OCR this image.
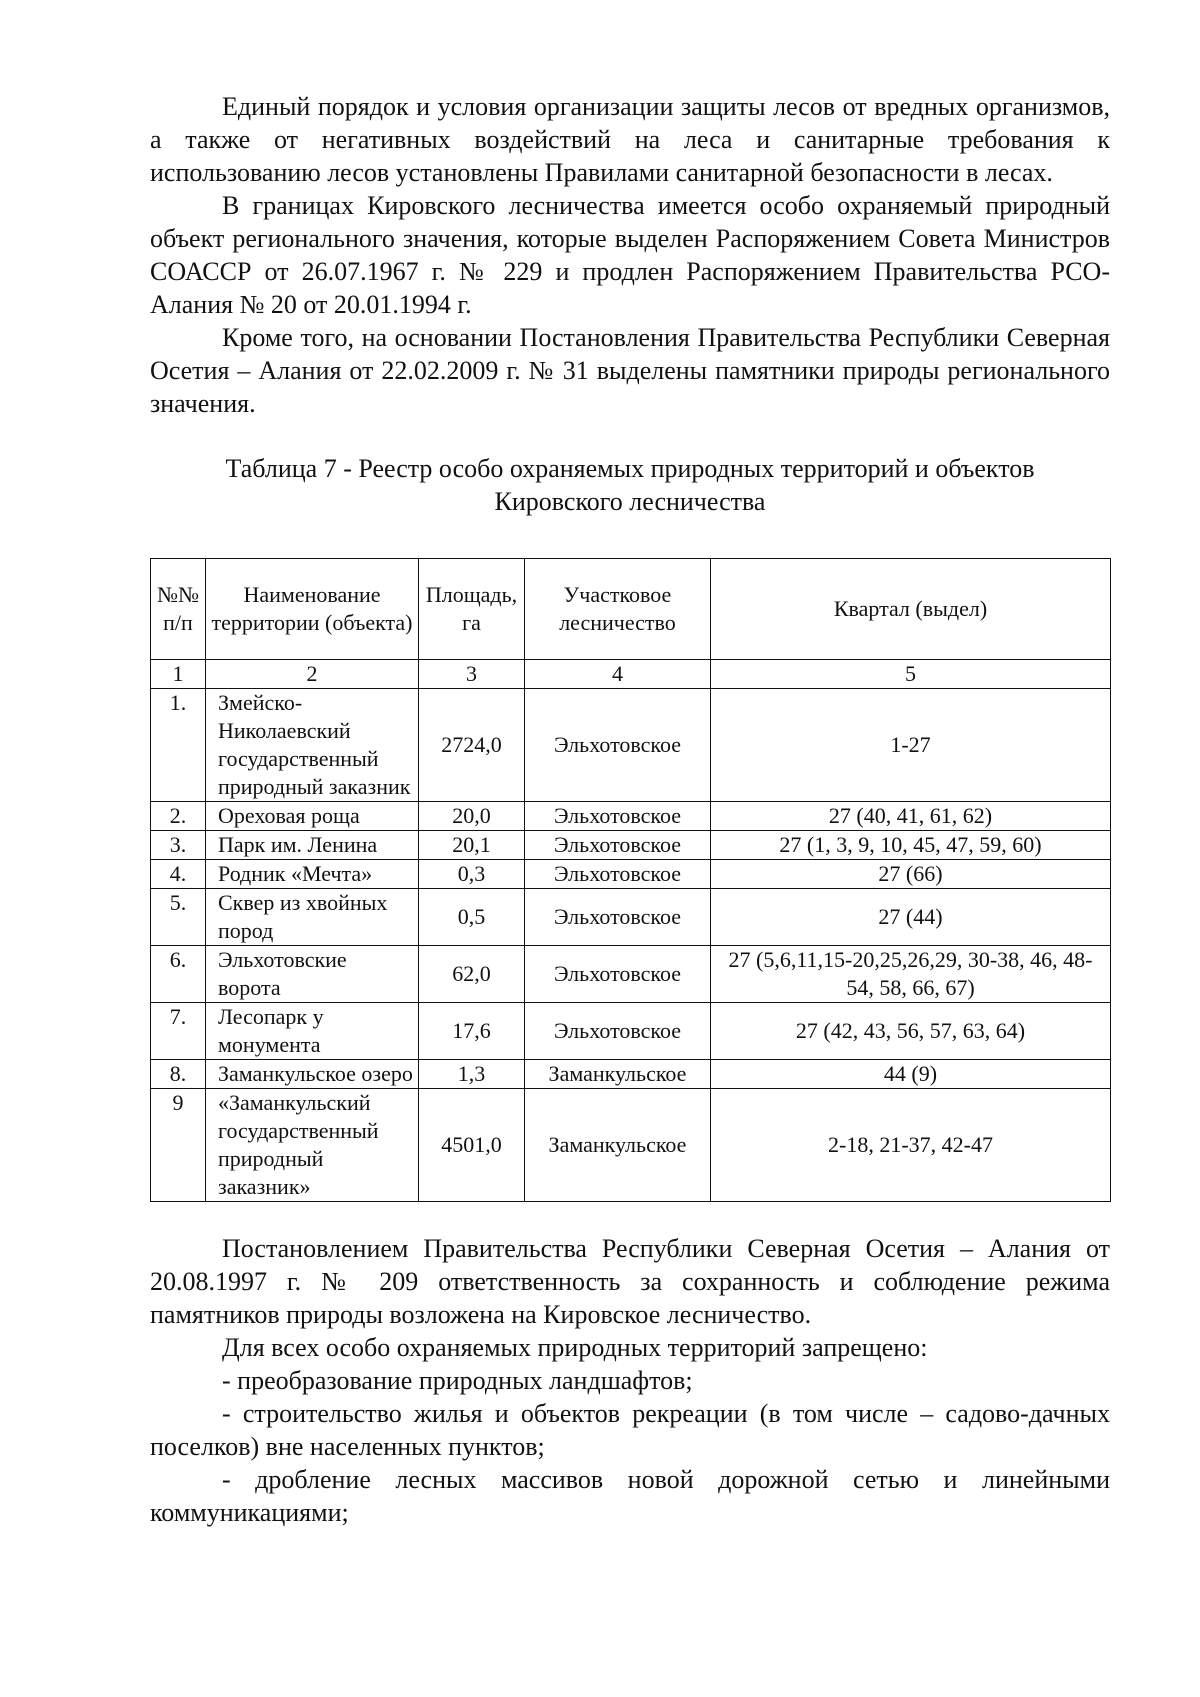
Единый порядок и условия организации защиты лесов от вредных организмов, а также от негативных воздействий на леса и санитарные требования к использованию лесов установлены Правилами санитарной безопасности в лесах.

В границах Кировского лесничества имеется особо охраняемый природный объект регионального значения, которые выделен Распоряжением Совета Министров СОАССР от 26.07.1967 г. № 229 и продлен Распоряжением Правительства РСО-Алания № 20 от 20.01.1994 г.

Кроме того, на основании Постановления Правительства Республики Северная Осетия – Алания от 22.02.2009 г. № 31 выделены памятники природы регионального значения.

Таблица 7 - Реестр особо охраняемых природных территорий и объектов
Кировского лесничества
№№ п/п	Наименование территории (объекта)	Площадь, га	Участковое лесничество	Квартал (выдел)
1	2	3	4	5
1.	Змейско-Николаевский государственный природный заказник	2724,0	Эльхотовское	1-27
2.	Ореховая роща	20,0	Эльхотовское	27 (40, 41, 61, 62)
3.	Парк им. Ленина	20,1	Эльхотовское	27 (1, 3, 9, 10, 45, 47, 59, 60)
4.	Родник «Мечта»	0,3	Эльхотовское	27 (66)
5.	Сквер из хвойных пород	0,5	Эльхотовское	27 (44)
6.	Эльхотовские ворота	62,0	Эльхотовское	27 (5,6,11,15-20,25,26,29, 30-38, 46, 48-54, 58, 66, 67)
7.	Лесопарк у монумента	17,6	Эльхотовское	27 (42, 43, 56, 57, 63, 64)
8.	Заманкульское озеро	1,3	Заманкульское	44 (9)
9	«Заманкульский государственный природный заказник»	4501,0	Заманкульское	2-18, 21-37, 42-47

Постановлением Правительства Республики Северная Осетия – Алания от 20.08.1997 г. № 209 ответственность за сохранность и соблюдение режима памятников природы возложена на Кировское лесничество.

Для всех особо охраняемых природных территорий запрещено:

- преобразование природных ландшафтов;

- строительство жилья и объектов рекреации (в том числе – садово-дачных поселков) вне населенных пунктов;

- дробление лесных массивов новой дорожной сетью и линейными коммуникациями;
